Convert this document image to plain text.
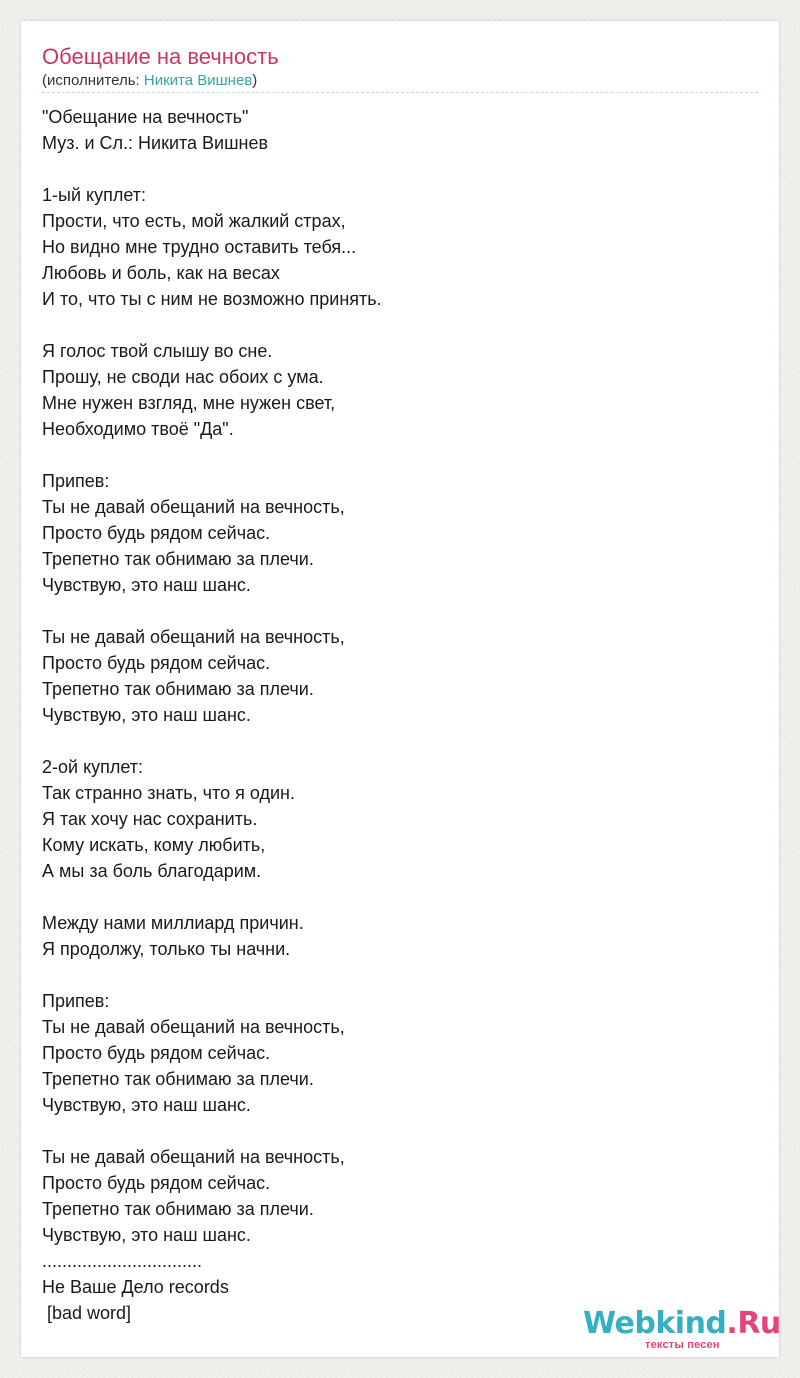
Обещание на вечность
(исполнитель: Никита Вишнев)
"Обещание на вечность"
Муз. и Сл.: Никита Вишнев
1-ый куплет:
Прости, что есть, мой жалкий страх,
Но видно мне трудно оставить тебя...
Любовь и боль, как на весах
И то, что ты с ним не возможно принять.
Я голос твой слышу во сне.
Прошу, не своди нас обоих с ума.
Мне нужен взгляд, мне нужен свет,
Необходимо твоё "Да".
Припев:
Ты не давай обещаний на вечность,
Просто будь рядом сейчас.
Трепетно так обнимаю за плечи.
Чувствую, это наш шанс.
Ты не давай обещаний на вечность,
Просто будь рядом сейчас.
Трепетно так обнимаю за плечи.
Чувствую, это наш шанс.
2-ой куплет:
Так странно знать, что я один.
Я так хочу нас сохранить.
Кому искать, кому любить,
А мы за боль благодарим.
Между нами миллиард причин.
Я продолжу, только ты начни.
Припев:
Ты не давай обещаний на вечность,
Просто будь рядом сейчас.
Трепетно так обнимаю за плечи.
Чувствую, это наш шанс.
Ты не давай обещаний на вечность,
Просто будь рядом сейчас.
Трепетно так обнимаю за плечи.
Чувствую, это наш шанс.
................................
Не Ваше Дело records
[bad word]	Webkind.Ru
тексты песен
